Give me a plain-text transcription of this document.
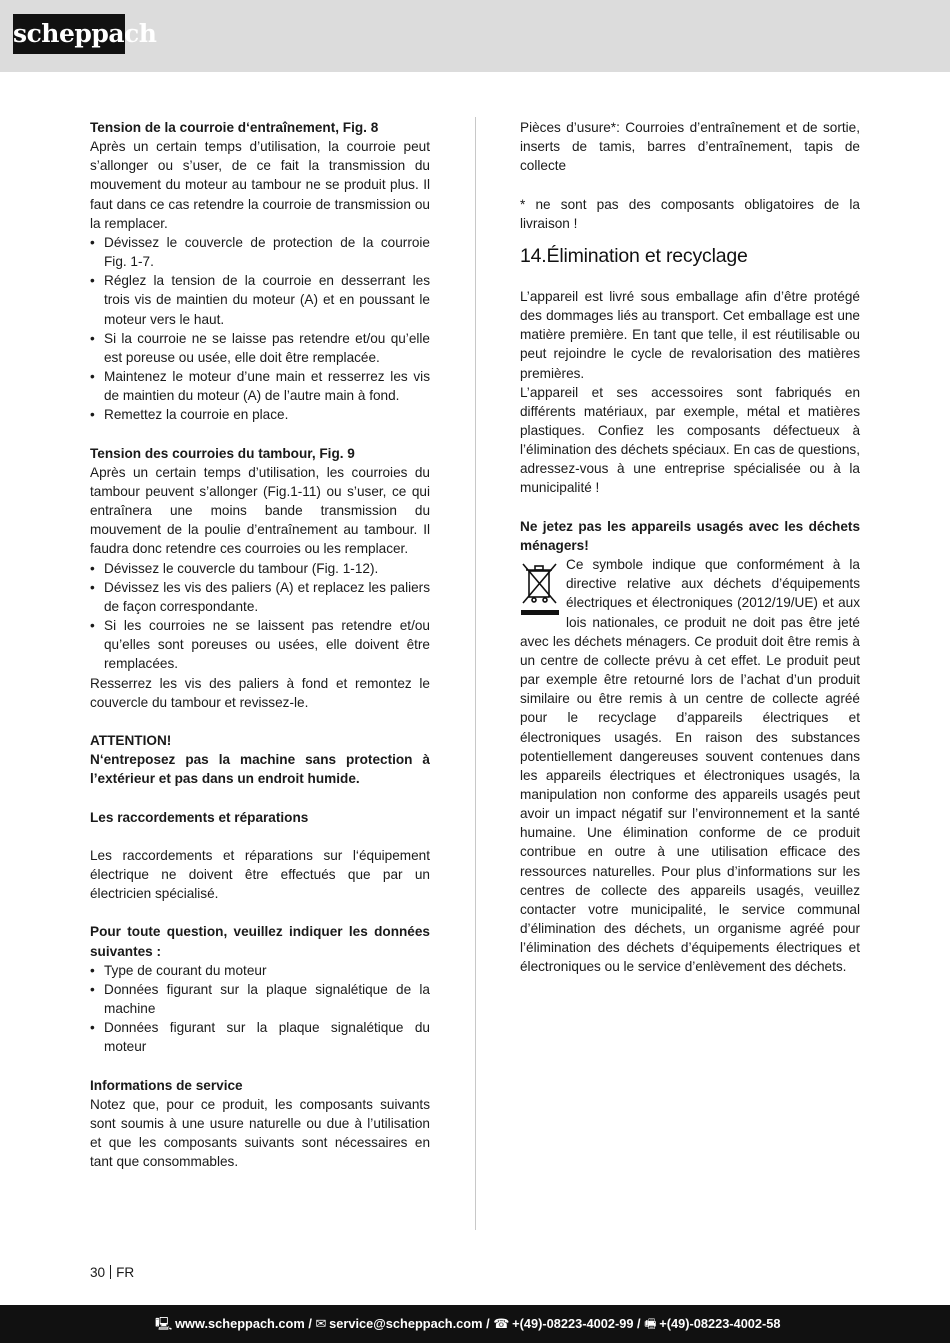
scheppach

Tension de la courroie d‘entraînement, Fig. 8

Après un certain temps d’utilisation, la courroie peut s’allonger ou s’user, de ce fait la transmission du mouvement du moteur au tambour ne se produit plus. Il faut dans ce cas retendre la courroie de transmission ou la remplacer.

• Dévissez le couvercle de protection de la courroie Fig. 1-7.
• Réglez la tension de la courroie en desserrant les trois vis de maintien du moteur (A) et en poussant le moteur vers le haut.
• Si la courroie ne se laisse pas retendre et/ou qu’elle est poreuse ou usée, elle doit être remplacée.
• Maintenez le moteur d’une main et resserrez les vis de maintien du moteur (A) de l’autre main à fond.
• Remettez la courroie en place.

Tension des courroies du tambour, Fig. 9

Après un certain temps d’utilisation, les courroies du tambour peuvent s’allonger (Fig.1-11) ou s’user, ce qui entraînera une moins bande transmission du mouvement de la poulie d’entraînement au tambour. Il faudra donc retendre ces courroies ou les remplacer.

• Dévissez le couvercle du tambour (Fig. 1-12).
• Dévissez les vis des paliers (A) et replacez les paliers de façon correspondante.
• Si les courroies ne se laissent pas retendre et/ou qu’elles sont poreuses ou usées, elle doivent être remplacées.

Resserrez les vis des paliers à fond et remontez le couvercle du tambour et revissez-le.

ATTENTION!

N‘entreposez pas la machine sans protection à l’extérieur et pas dans un endroit humide.

Les raccordements et réparations

Les raccordements et réparations sur l‘équipement électrique ne doivent être effectués que par un électricien spécialisé.

Pour toute question, veuillez indiquer les données suivantes :

• Type de courant du moteur
• Données figurant sur la plaque signalétique de la machine
• Données figurant sur la plaque signalétique du moteur

Informations de service

Notez que, pour ce produit, les composants suivants sont soumis à une usure naturelle ou due à l’utilisation et que les composants suivants sont nécessaires en tant que consommables.

Pièces d’usure*: Courroies d’entraînement et de sortie, inserts de tamis, barres d’entraînement, tapis de collecte

* ne sont pas des composants obligatoires de la livraison !

14.Élimination et recyclage

L’appareil est livré sous emballage afin d’être protégé des dommages liés au transport. Cet emballage est une matière première. En tant que telle, il est réutilisable ou peut rejoindre le cycle de revalorisation des matières premières.

L’appareil et ses accessoires sont fabriqués en différents matériaux, par exemple, métal et matières plastiques. Confiez les composants défectueux à l’élimination des déchets spéciaux. En cas de questions, adressez-vous à une entreprise spécialisée ou à la municipalité !

Ne jetez pas les appareils usagés avec les déchets ménagers!

Ce symbole indique que conformément à la directive relative aux déchets d’équipements électriques et électroniques (2012/19/UE) et aux lois nationales, ce produit ne doit pas être jeté avec les déchets ménagers. Ce produit doit être remis à un centre de collecte prévu à cet effet. Le produit peut par exemple être retourné lors de l’achat d’un produit similaire ou être remis à un centre de collecte agréé pour le recyclage d’appareils électriques et électroniques usagés. En raison des substances potentiellement dangereuses souvent contenues dans les appareils électriques et électroniques usagés, la manipulation non conforme des appareils usagés peut avoir un impact négatif sur l’environnement et la santé humaine. Une élimination conforme de ce produit contribue en outre à une utilisation efficace des ressources naturelles. Pour plus d’informations sur les centres de collecte des appareils usagés, veuillez contacter votre municipalité, le service communal d’élimination des déchets, un organisme agréé pour l’élimination des déchets d’équipements électriques et électroniques ou le service d’enlèvement des déchets.
30 FR
🖳 www.scheppach.com / ✉ service@scheppach.com / ☎ +(49)-08223-4002-99 / 🖷 +(49)-08223-4002-58
